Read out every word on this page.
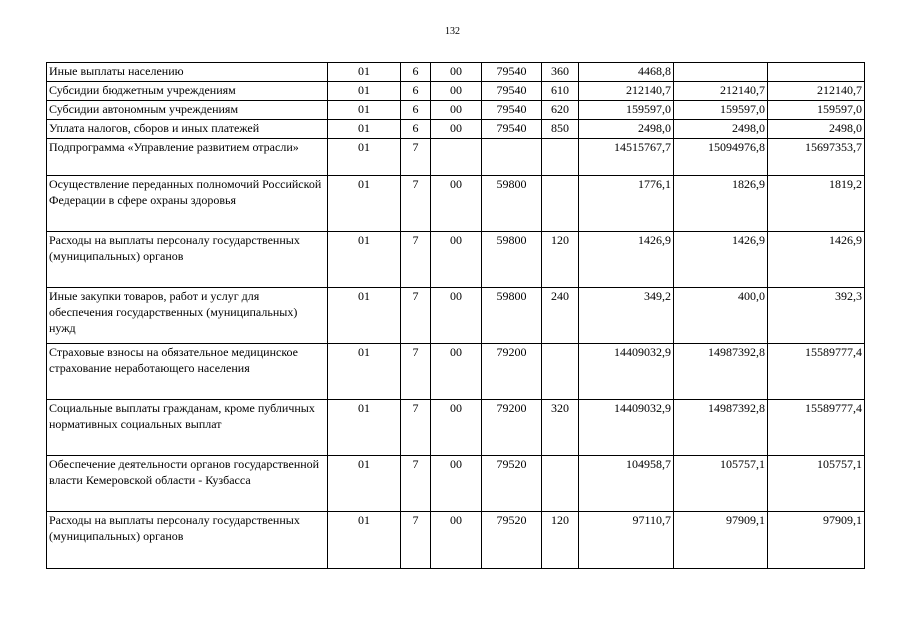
132
Иные выплаты населению	01	6	00	79540	360	4468,8		
Субсидии бюджетным учреждениям	01	6	00	79540	610	212140,7	212140,7	212140,7
Субсидии автономным учреждениям	01	6	00	79540	620	159597,0	159597,0	159597,0
Уплата налогов, сборов и иных платежей	01	6	00	79540	850	2498,0	2498,0	2498,0
Подпрограмма «Управление развитием отрасли»	01	7				14515767,7	15094976,8	15697353,7
Осуществление переданных полномочий Российской Федерации в сфере охраны здоровья	01	7	00	59800		1776,1	1826,9	1819,2
Расходы на выплаты персоналу государственных (муниципальных) органов	01	7	00	59800	120	1426,9	1426,9	1426,9
Иные закупки товаров, работ и услуг для обеспечения государственных (муниципальных) нужд	01	7	00	59800	240	349,2	400,0	392,3
Страховые взносы на обязательное медицинское страхование неработающего населения	01	7	00	79200		14409032,9	14987392,8	15589777,4
Социальные выплаты гражданам, кроме публичных нормативных социальных выплат	01	7	00	79200	320	14409032,9	14987392,8	15589777,4
Обеспечение деятельности органов государственной власти Кемеровской области - Кузбасса	01	7	00	79520		104958,7	105757,1	105757,1
Расходы на выплаты персоналу государственных (муниципальных) органов	01	7	00	79520	120	97110,7	97909,1	97909,1
